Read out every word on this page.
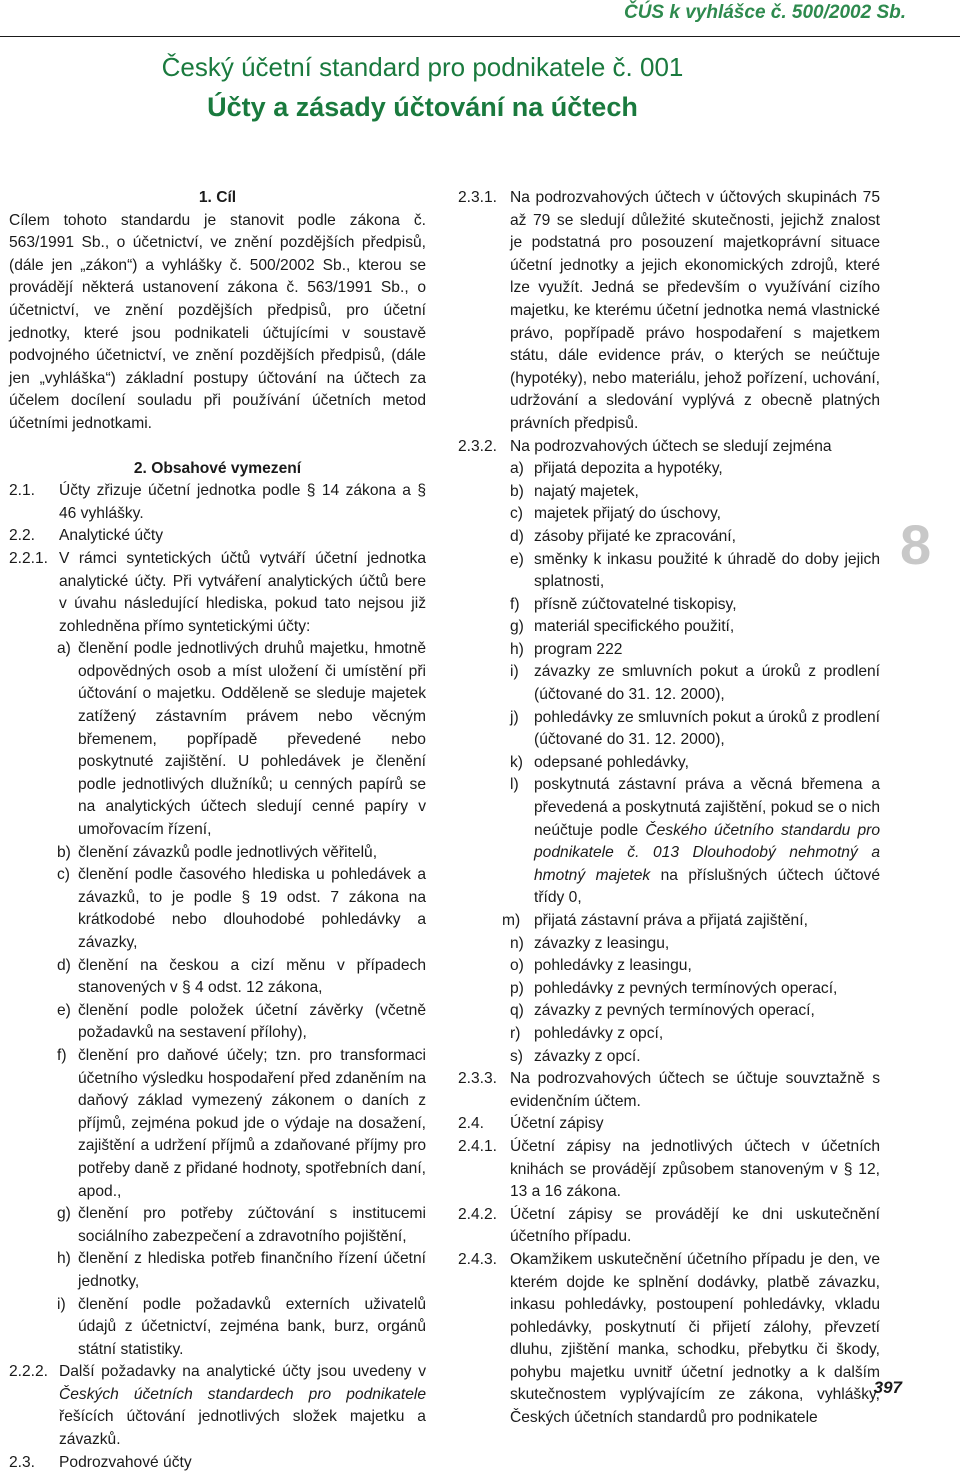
ČÚS k vyhlášce č. 500/2002 Sb.
Český účetní standard pro podnikatele č. 001
Účty a zásady účtování na účtech

1. Cíl

Cílem tohoto standardu je stanovit podle zákona č. 563/1991 Sb., o účetnictví, ve znění pozdějších předpisů, (dále jen „zákon“) a vyhlášky č. 500/2002 Sb., kterou se provádějí některá ustanovení zákona č. 563/1991 Sb., o účetnictví, ve znění pozdějších předpisů, pro účetní jednotky, které jsou podnikateli účtujícími v soustavě podvojného účetnictví, ve znění pozdějších předpisů, (dále jen „vyhláška“) základní postupy účtování na účtech za účelem docílení souladu při používání účetních metod účetními jednotkami.

2. Obsahové vymezení

2.1. Účty zřizuje účetní jednotka podle § 14 zákona a § 46 vyhlášky.
2.2. Analytické účty
2.2.1. V rámci syntetických účtů vytváří účetní jednotka analytické účty. Při vytváření analytických účtů bere v úvahu následující hlediska, pokud tato nejsou již zohledněna přímo syntetickými účty:
a) členění podle jednotlivých druhů majetku, hmotně odpovědných osob a míst uložení či umístění při účtování o majetku. Odděleně se sleduje majetek zatížený zástavním právem nebo věcným břemenem, popřípadě převedené nebo poskytnuté zajištění. U pohledávek je členění podle jednotlivých dlužníků; u cenných papírů se na analytických účtech sledují cenné papíry v umořovacím řízení,
b) členění závazků podle jednotlivých věřitelů,
c) členění podle časového hlediska u pohledávek a závazků, to je podle § 19 odst. 7 zákona na krátkodobé nebo dlouhodobé pohledávky a závazky,
d) členění na českou a cizí měnu v případech stanovených v § 4 odst. 12 zákona,
e) členění podle položek účetní závěrky (včetně požadavků na sestavení přílohy),
f) členění pro daňové účely; tzn. pro transformaci účetního výsledku hospodaření před zdaněním na daňový základ vymezený zákonem o daních z příjmů, zejména pokud jde o výdaje na dosažení, zajištění a udržení příjmů a zdaňované příjmy pro potřeby daně z přidané hodnoty, spotřebních daní, apod.,
g) členění pro potřeby zúčtování s institucemi sociálního zabezpečení a zdravotního pojištění,
h) členění z hlediska potřeb finančního řízení účetní jednotky,
i) členění podle požadavků externích uživatelů údajů z účetnictví, zejména bank, burz, orgánů státní statistiky.
2.2.2. Další požadavky na analytické účty jsou uvedeny v Českých účetních standardech pro podnikatele řešících účtování jednotlivých složek majetku a závazků.
2.3. Podrozvahové účty
2.3.1. Na podrozvahových účtech v účtových skupinách 75 až 79 se sledují důležité skutečnosti, jejichž znalost je podstatná pro posouzení majetkoprávní situace účetní jednotky a jejich ekonomických zdrojů, které lze využít. Jedná se především o využívání cizího majetku, ke kterému účetní jednotka nemá vlastnické právo, popřípadě právo hospodaření s majetkem státu, dále evidence práv, o kterých se neúčtuje (hypotéky), nebo materiálu, jehož pořízení, uchování, udržování a sledování vyplývá z obecně platných právních předpisů.
2.3.2. Na podrozvahových účtech se sledují zejména
a) přijatá depozita a hypotéky,
b) najatý majetek,
c) majetek přijatý do úschovy,
d) zásoby přijaté ke zpracování,
e) směnky k inkasu použité k úhradě do doby jejich splatnosti,
f) přísně zúčtovatelné tiskopisy,
g) materiál specifického použití,
h) program 222
i) závazky ze smluvních pokut a úroků z prodlení (účtované do 31. 12. 2000),
j) pohledávky ze smluvních pokut a úroků z prodlení (účtované do 31. 12. 2000),
k) odepsané pohledávky,
l) poskytnutá zástavní práva a věcná břemena a převedená a poskytnutá zajištění, pokud se o nich neúčtuje podle Českého účetního standardu pro podnikatele č. 013 Dlouhodobý nehmotný a hmotný majetek na příslušných účtech účtové třídy 0,
m) přijatá zástavní práva a přijatá zajištění,
n) závazky z leasingu,
o) pohledávky z leasingu,
p) pohledávky z pevných termínových operací,
q) závazky z pevných termínových operací,
r) pohledávky z opcí,
s) závazky z opcí.
2.3.3. Na podrozvahových účtech se účtuje souvztažně s evidenčním účtem.
2.4. Účetní zápisy
2.4.1. Účetní zápisy na jednotlivých účtech v účetních knihách se provádějí způsobem stanoveným v § 12, 13 a 16 zákona.
2.4.2. Účetní zápisy se provádějí ke dni uskutečnění účetního případu.
2.4.3. Okamžikem uskutečnění účetního případu je den, ve kterém dojde ke splnění dodávky, platbě závazku, inkasu pohledávky, postoupení pohledávky, vkladu pohledávky, poskytnutí či přijetí zálohy, převzetí dluhu, zjištění manka, schodku, přebytku či škody, pohybu majetku uvnitř účetní jednotky a k dalším skutečnostem vyplývajícím ze zákona, vyhlášky, Českých účetních standardů pro podnikatele
8
397
